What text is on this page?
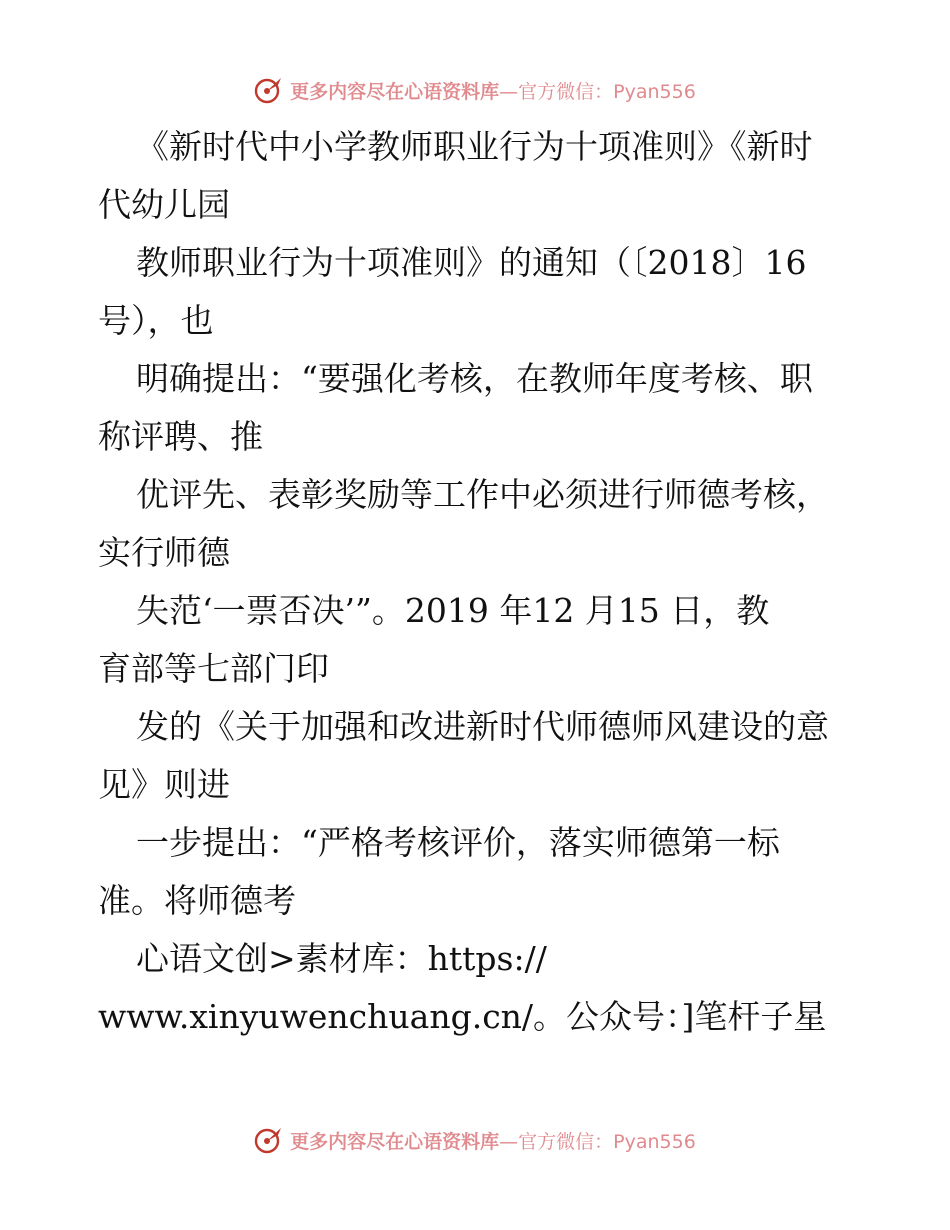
更多内容尽在心语资料库—官方微信：Pyan556
《新时代中小学教师职业行为十项准则》《新时
代幼儿园
教师职业行为十项准则》的通知（〔2018〕16
号），也
明确提出：“要强化考核，在教师年度考核、职
称评聘、推
优评先、表彰奖励等工作中必须进行师德考核，
实行师德
失范‘一票否决’”。2019 年12 月15 日，教
育部等七部门印
发的《关于加强和改进新时代师德师风建设的意
见》则进
一步提出：“严格考核评价，落实师德第一标
准。将师德考
心语文创>素材库：https://
www.xinyuwenchuang.cn/。公众号：]笔杆子星
更多内容尽在心语资料库—官方微信：Pyan556
